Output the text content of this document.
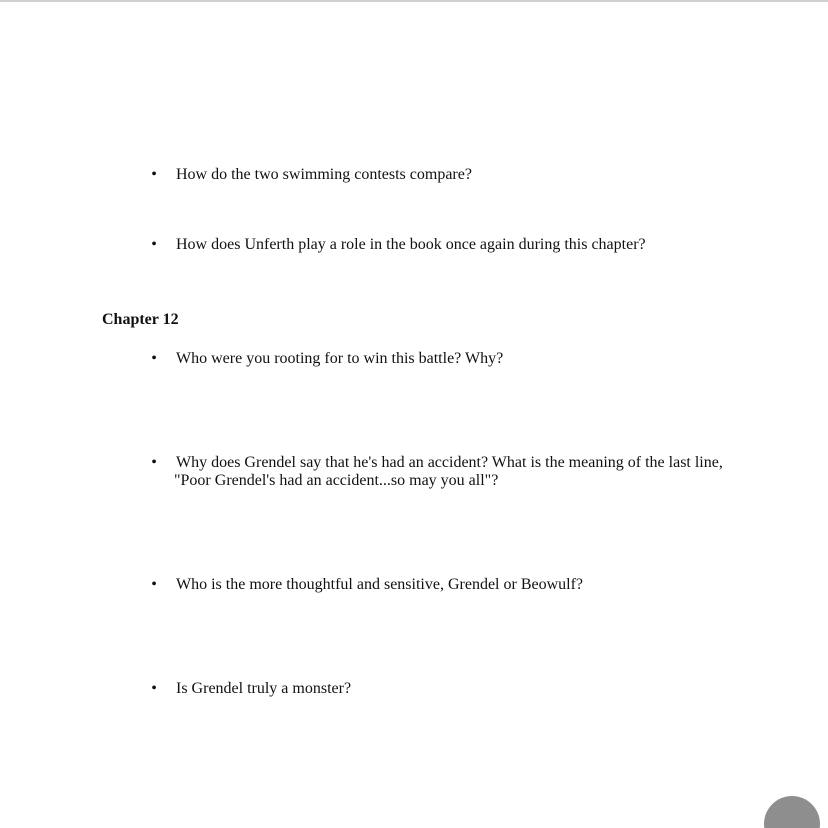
• How do the two swimming contests compare?
• How does Unferth play a role in the book once again during this chapter?
Chapter 12
• Who were you rooting for to win this battle? Why?
• Why does Grendel say that he's had an accident? What is the meaning of the last line,
"Poor Grendel's had an accident...so may you all"?
• Who is the more thoughtful and sensitive, Grendel or Beowulf?
• Is Grendel truly a monster?
